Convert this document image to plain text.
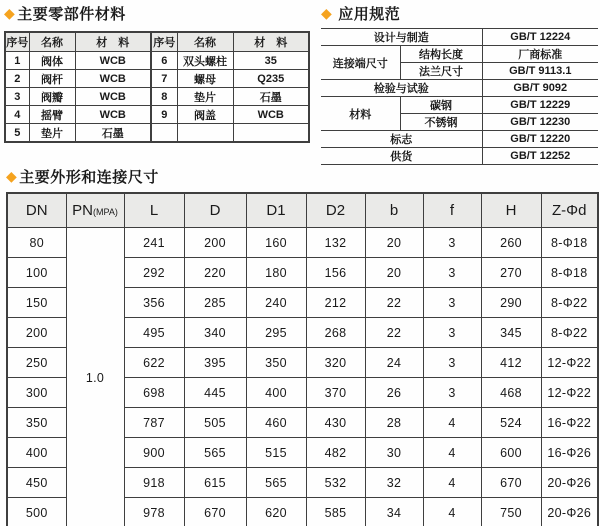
◆ 主要零部件材料
序号	名称	材　料	序号	名称	材　料
1	阀体	WCB	6	双头螺柱	35
2	阀杆	WCB	7	螺母	Q235
3	阀瓣	WCB	8	垫片	石墨
4	摇臂	WCB	9	阀盖	WCB
5	垫片	石墨			
◆ 应用规范
设计与制造		GB/T 12224
连接端尺寸	结构长度	厂商标准
	法兰尺寸	GB/T 9113.1
检验与试验		GB/T 9092
材料	碳钢	GB/T 12229
	不锈钢	GB/T 12230
标志		GB/T 12220
供货		GB/T 12252
◆ 主要外形和连接尺寸
DN	PN(MPA)	L	D	D1	D2	b	f	H	Z-Φd
80	1.0	241	200	160	132	20	3	260	8-Φ18
100		292	220	180	156	20	3	270	8-Φ18
150		356	285	240	212	22	3	290	8-Φ22
200		495	340	295	268	22	3	345	8-Φ22
250		622	395	350	320	24	3	412	12-Φ22
300		698	445	400	370	26	3	468	12-Φ22
350		787	505	460	430	28	4	524	16-Φ22
400		900	565	515	482	30	4	600	16-Φ26
450		918	615	565	532	32	4	670	20-Φ26
500		978	670	620	585	34	4	750	20-Φ26
